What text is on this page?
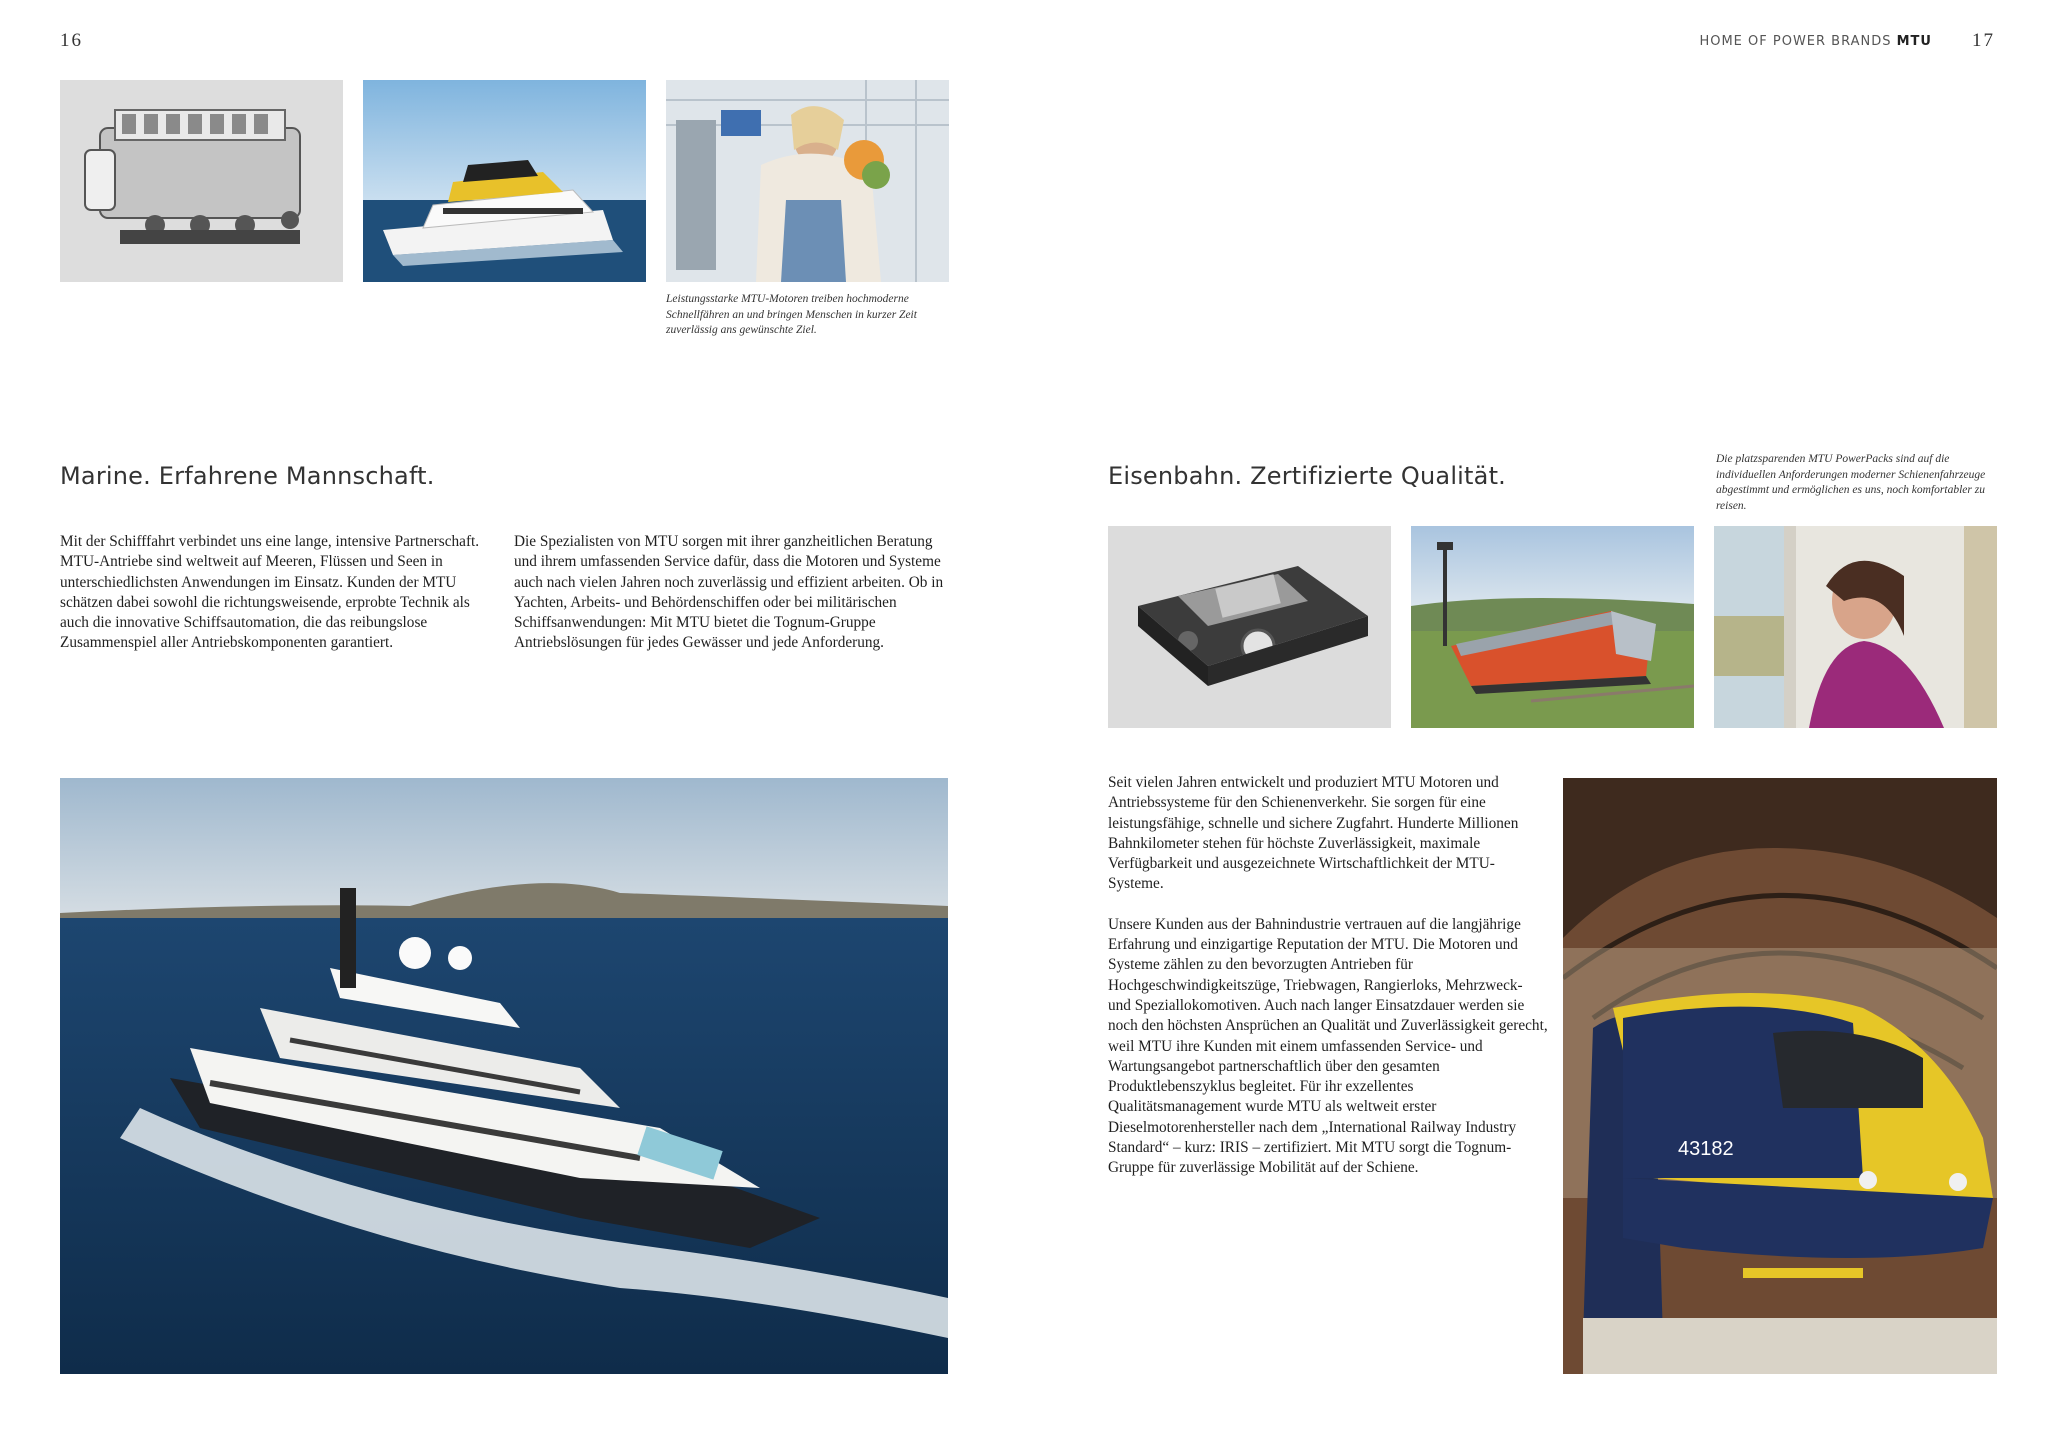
16	17
HOME OF POWER BRANDS MTU

Leistungsstarke MTU-Motoren treiben hochmoderne Schnellfähren an und bringen Menschen in kurzer Zeit zuverlässig ans gewünschte Ziel.

Marine. Erfahrene Mannschaft.

Mit der Schifffahrt verbindet uns eine lange, intensive Partnerschaft. MTU-Antriebe sind weltweit auf Meeren, Flüssen und Seen in unterschiedlichsten Anwendungen im Einsatz. Kunden der MTU schätzen dabei sowohl die richtungsweisende, erprobte Technik als auch die innovative Schiffsautomation, die das reibungslose Zusammenspiel aller Antriebskomponenten garantiert.

Die Spezialisten von MTU sorgen mit ihrer ganzheitlichen Beratung und ihrem umfassenden Service dafür, dass die Motoren und Systeme auch nach vielen Jahren noch zuverlässig und effizient arbeiten. Ob in Yachten, Arbeits- und Behördenschiffen oder bei militärischen Schiffsanwendungen: Mit MTU bietet die Tognum-Gruppe Antriebslösungen für jedes Gewässer und jede Anforderung.

Die platzsparenden MTU PowerPacks sind auf die individuellen Anforderungen moderner Schienenfahrzeuge abgestimmt und ermöglichen es uns, noch komfortabler zu reisen.

Eisenbahn. Zertifizierte Qualität.

Seit vielen Jahren entwickelt und produziert MTU Motoren und Antriebssysteme für den Schienenverkehr. Sie sorgen für eine leistungsfähige, schnelle und sichere Zugfahrt. Hunderte Millionen Bahnkilometer stehen für höchste Zuverlässigkeit, maximale Verfügbarkeit und ausgezeichnete Wirtschaftlichkeit der MTU-Systeme.

Unsere Kunden aus der Bahnindustrie vertrauen auf die langjährige Erfahrung und einzigartige Reputation der MTU. Die Motoren und Systeme zählen zu den bevorzugten Antrieben für Hochgeschwindigkeitszüge, Triebwagen, Rangierloks, Mehrzweck- und Speziallokomotiven. Auch nach langer Einsatzdauer werden sie noch den höchsten Ansprüchen an Qualität und Zuverlässigkeit gerecht, weil MTU ihre Kunden mit einem umfassenden Service- und Wartungsangebot partnerschaftlich über den gesamten Produktlebenszyklus begleitet. Für ihr exzellentes Qualitätsmanagement wurde MTU als weltweit erster Dieselmotorenhersteller nach dem „International Railway Industry Standard“ – kurz: IRIS – zertifiziert. Mit MTU sorgt die Tognum-Gruppe für zuverlässige Mobilität auf der Schiene.

43182
